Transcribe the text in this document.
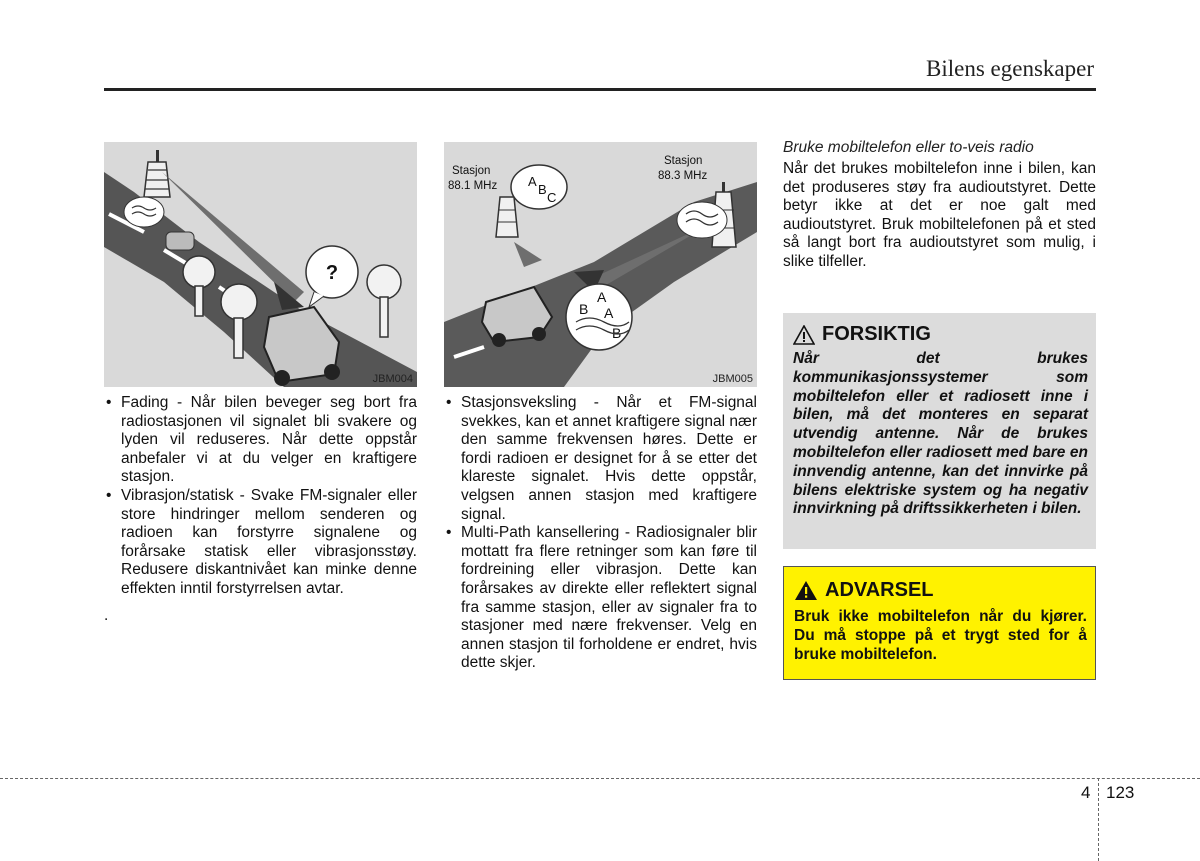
Bilens egenskaper
?
JBM004
Stasjon
88.1 MHz
Stasjon
88.3 MHz
A
B
C
B
A
A
B
JBM005
• Fading - Når bilen beveger seg bort fra radiostasjonen vil signalet bli svakere og lyden vil reduseres. Når dette oppstår anbefaler vi at du velger en kraftigere stasjon.
• Vibrasjon/statisk - Svake FM-signaler eller store hindringer mellom senderen og radioen kan forstyrre signalene og forårsake statisk eller vibrasjonsstøy. Redusere diskantnivået kan minke denne effekten inntil forstyrrelsen avtar.
.
• Stasjonsveksling - Når et FM-signal svekkes, kan et annet kraftigere signal nær den samme frekvensen høres. Dette er fordi radioen er designet for å se etter det klareste signalet. Hvis dette oppstår, velgsen annen stasjon med kraftigere signal.
• Multi-Path kansellering - Radiosignaler blir mottatt fra flere retninger som kan føre til fordreining eller vibrasjon. Dette kan forårsakes av direkte eller reflektert signal fra samme stasjon, eller av signaler fra to stasjoner med nære frekvenser. Velg en annen stasjon til forholdene er endret, hvis dette skjer.
Bruke mobiltelefon eller to-veis radio
Når det brukes mobiltelefon inne i bilen, kan det produseres støy fra audioutstyret. Dette betyr ikke at det er noe galt med audioutstyret. Bruk mobiltelefonen på et sted så langt bort fra audioutstyret som mulig, i slike tilfeller.
FORSIKTIG
Når det brukes kommunikasjonssystemer som mobiltelefon eller et radiosett inne i bilen, må det monteres en separat utvendig antenne. Når de brukes mobiltelefon eller radiosett med bare en innvendig antenne, kan det innvirke på bilens elektriske system og ha negativ innvirkning på driftssikkerheten i bilen.
ADVARSEL
Bruk ikke mobiltelefon når du kjører. Du må stoppe på et trygt sted for å bruke mobiltelefon.
4 123
